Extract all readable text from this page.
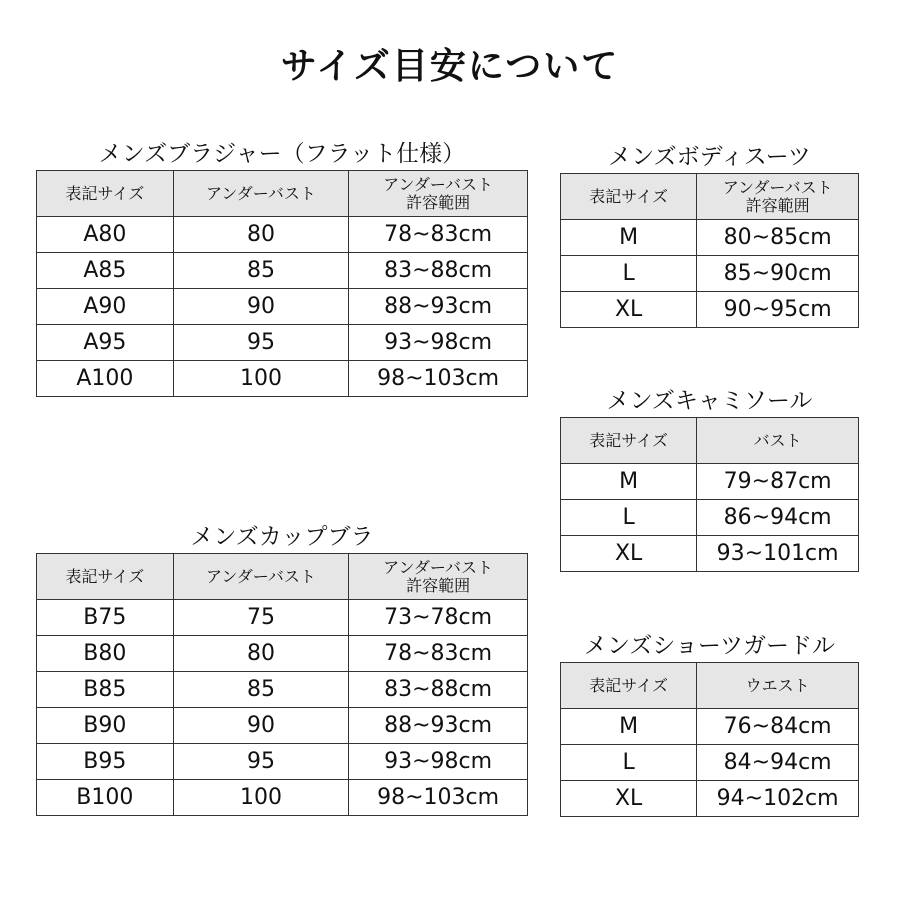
サイズ目安について
メンズブラジャー（フラット仕様）
表記サイズ	アンダーバスト	アンダーバスト
許容範囲

A80	80	78~83cm
A85	85	83~88cm
A90	90	88~93cm
A95	95	93~98cm
A100	100	98~103cm
メンズカップブラ
表記サイズ	アンダーバスト	アンダーバスト
許容範囲

B75	75	73~78cm
B80	80	78~83cm
B85	85	83~88cm
B90	90	88~93cm
B95	95	93~98cm
B100	100	98~103cm
メンズボディスーツ
表記サイズ	アンダーバスト
許容範囲

M	80~85cm
L	85~90cm
XL	90~95cm
メンズキャミソール
表記サイズ	バスト
M	79~87cm
L	86~94cm
XL	93~101cm
メンズショーツガードル
表記サイズ	ウエスト
M	76~84cm
L	84~94cm
XL	94~102cm
